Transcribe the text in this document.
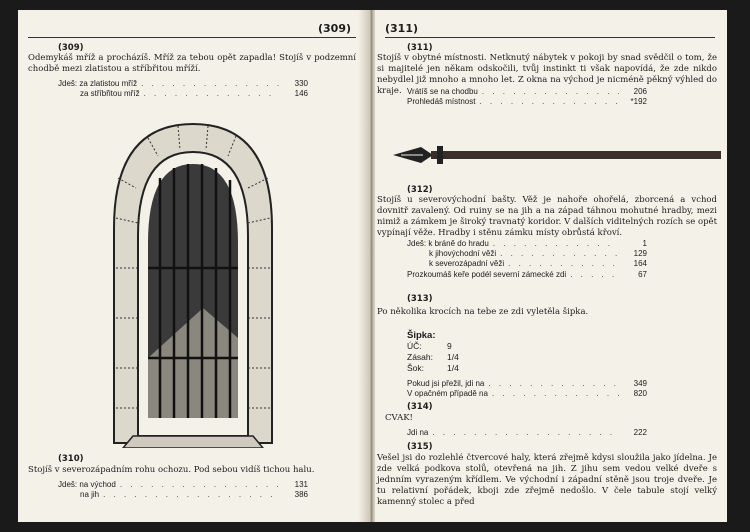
(309)
(309)
Odemykáš mříž a procházíš. Mříž za tebou opět zapadla! Stojíš v podzemní chodbě mezi zlatistou a stříbřitou mříží.
Jdeš: za zlatistou mříž . . .	330
za stříbřitou mříž . . .	146
(310)
Stojíš v severozápadním rohu ochozu. Pod sebou vidíš tichou halu.
Jdeš: na východ . . .	131
na jih . . .	386
(311)
(311)
Stojíš v obytné místnosti. Netknutý nábytek v pokoji by snad svědčil o tom, že si majitelé jen někam odskočili, tvůj instinkt ti však napovídá, že zde nikdo nebydlel již mnoho a mnoho let. Z okna na východ je nicméně pěkný výhled do kraje. Vrátíš se na chodbu . . .	206
Prohledáš místnost . . .	*192
(312)
Stojíš u severovýchodní bašty. Věž je nahoře ohořelá, zborcená a vchod dovnitř zavalený. Od ruiny se na jih a na západ táhnou mohutné hradby, mezi nimiž a zámkem je široký travnatý koridor. V dalších viditelných rozích se opět vypínají věže. Hradby i stěnu zámku místy obrůstá křoví.
Jdeš: k bráně do hradu . . .	1
k jihovýchodní věži . . .	129
k severozápadní věži . . .	164
Prozkoumáš keře podél severní zámecké zdi . . .	67
(313)
Po několika krocích na tebe ze zdi vyletěla šipka.
Šipka:
ÚČ:	9
Zásah: 1/4
Šok:	1/4
Pokud jsi přežil, jdi na . . .	349
V opačném případě na . . .	820
(314)
CVAK!
Jdi na . . .	222
(315)
Vešel jsi do rozlehlé čtvercové haly, která zřejmě kdysi sloužila jako jídelna. Je zde velká podkova stolů, otevřená na jih. Z jihu sem vedou velké dveře s jednním vyrazeným křídlem. Ve východní i západní stěně jsou troje dveře. Je tu relativní pořádek, kboji zde zřejmě nedošlo. V čele tabule stojí velký kamenný stolec a před
